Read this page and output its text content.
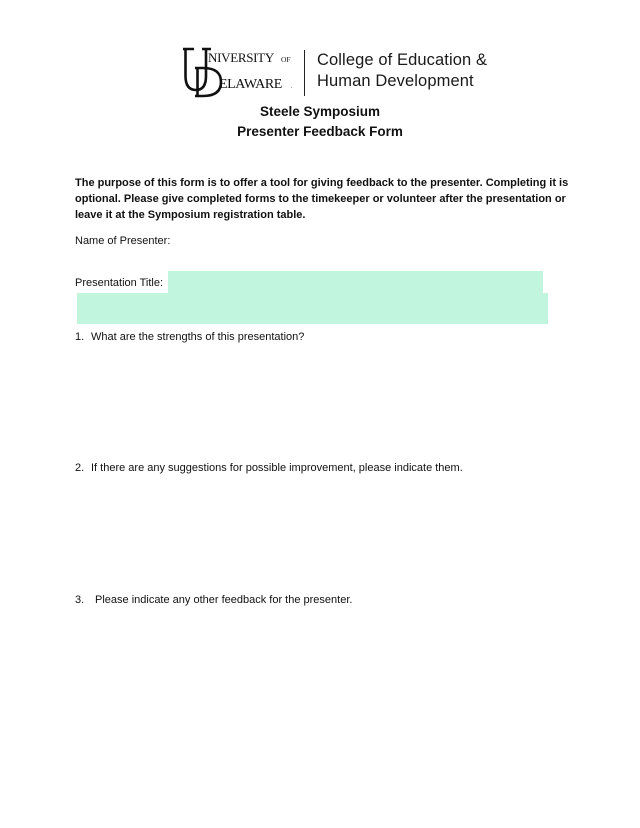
NIVERSITY OF
ELAWARE .
College of Education &
Human Development
Steele Symposium
Presenter Feedback Form
The purpose of this form is to offer a tool for giving feedback to the presenter. Completing it is optional. Please give completed forms to the timekeeper or volunteer after the presentation or leave it at the Symposium registration table.
Name of Presenter:
Presentation Title:
1. What are the strengths of this presentation?
2. If there are any suggestions for possible improvement, please indicate them.
3. Please indicate any other feedback for the presenter.
